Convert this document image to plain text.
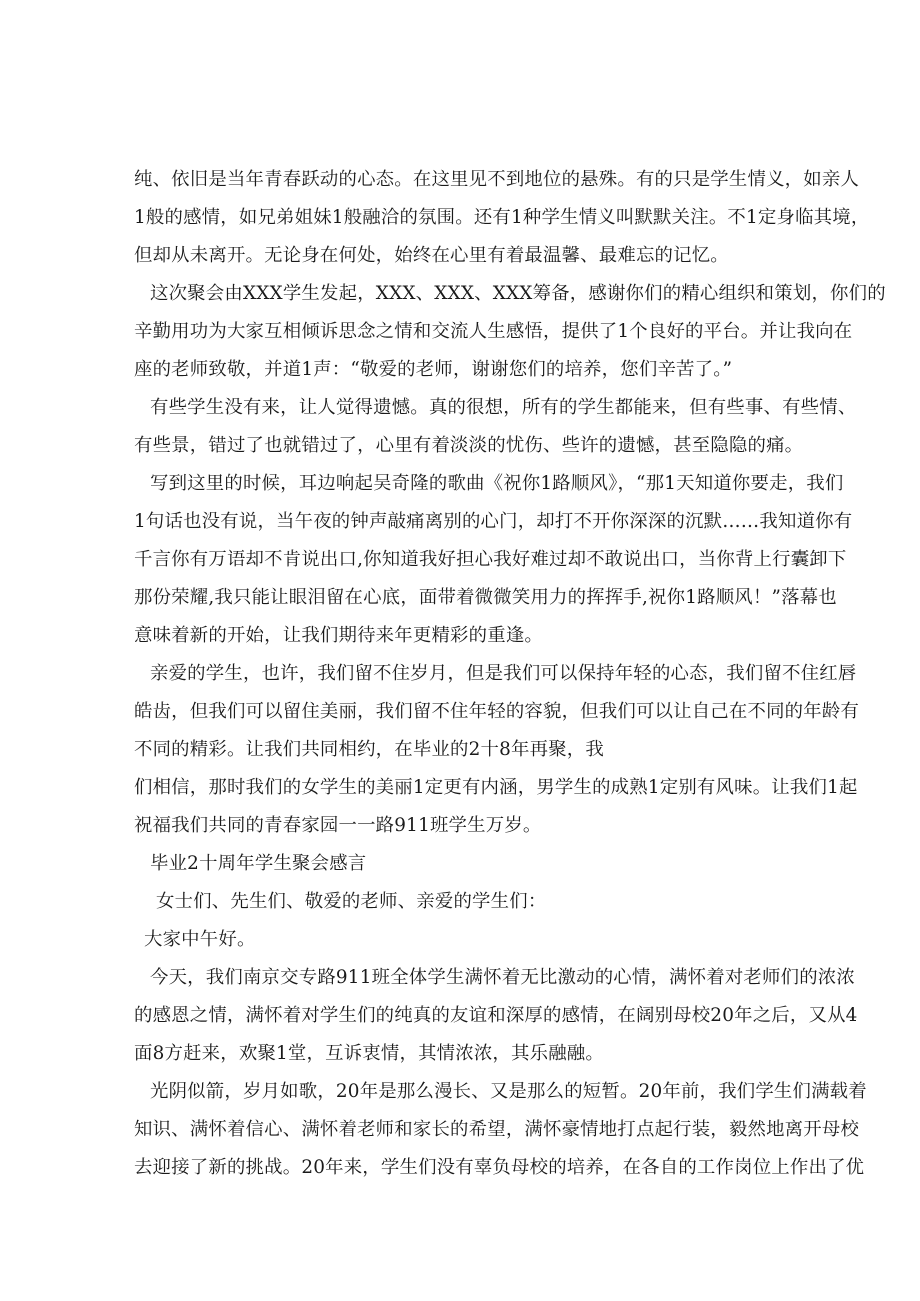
纯、依旧是当年青春跃动的心态。在这里见不到地位的悬殊。有的只是学生情义，如亲人
1般的感情，如兄弟姐妹1般融洽的氛围。还有1种学生情义叫默默关注。不1定身临其境，
但却从未离开。无论身在何处，始终在心里有着最温馨、最难忘的记忆。
这次聚会由XXX学生发起，XXX、XXX、XXX筹备，感谢你们的精心组织和策划，你们的
辛勤用功为大家互相倾诉思念之情和交流人生感悟，提供了1个良好的平台。并让我向在
座的老师致敬，并道1声：“敬爱的老师，谢谢您们的培养，您们辛苦了。”
有些学生没有来，让人觉得遗憾。真的很想，所有的学生都能来，但有些事、有些情、
有些景，错过了也就错过了，心里有着淡淡的忧伤、些许的遗憾，甚至隐隐的痛。
写到这里的时候，耳边响起吴奇隆的歌曲《祝你1路顺风》，“那1天知道你要走，我们
1句话也没有说，当午夜的钟声敲痛离别的心门，却打不开你深深的沉默……我知道你有
千言你有万语却不肯说出口,你知道我好担心我好难过却不敢说出口，当你背上行囊卸下
那份荣耀,我只能让眼泪留在心底，面带着微微笑用力的挥挥手,祝你1路顺风！”落幕也
意味着新的开始，让我们期待来年更精彩的重逢。
亲爱的学生，也许，我们留不住岁月，但是我们可以保持年轻的心态，我们留不住红唇
皓齿，但我们可以留住美丽，我们留不住年轻的容貌，但我们可以让自己在不同的年龄有
不同的精彩。让我们共同相约，在毕业的2十8年再聚，我
们相信，那时我们的女学生的美丽1定更有内涵，男学生的成熟1定别有风味。让我们1起
祝福我们共同的青春家园一一路911班学生万岁。
毕业2十周年学生聚会感言
女士们、先生们、敬爱的老师、亲爱的学生们：
大家中午好。
今天，我们南京交专路911班全体学生满怀着无比激动的心情，满怀着对老师们的浓浓
的感恩之情，满怀着对学生们的纯真的友谊和深厚的感情，在阔别母校20年之后，又从4
面8方赶来，欢聚1堂，互诉衷情，其情浓浓，其乐融融。
光阴似箭，岁月如歌，20年是那么漫长、又是那么的短暂。20年前，我们学生们满载着
知识、满怀着信心、满怀着老师和家长的希望，满怀豪情地打点起行装，毅然地离开母校
去迎接了新的挑战。20年来，学生们没有辜负母校的培养，在各自的工作岗位上作出了优
